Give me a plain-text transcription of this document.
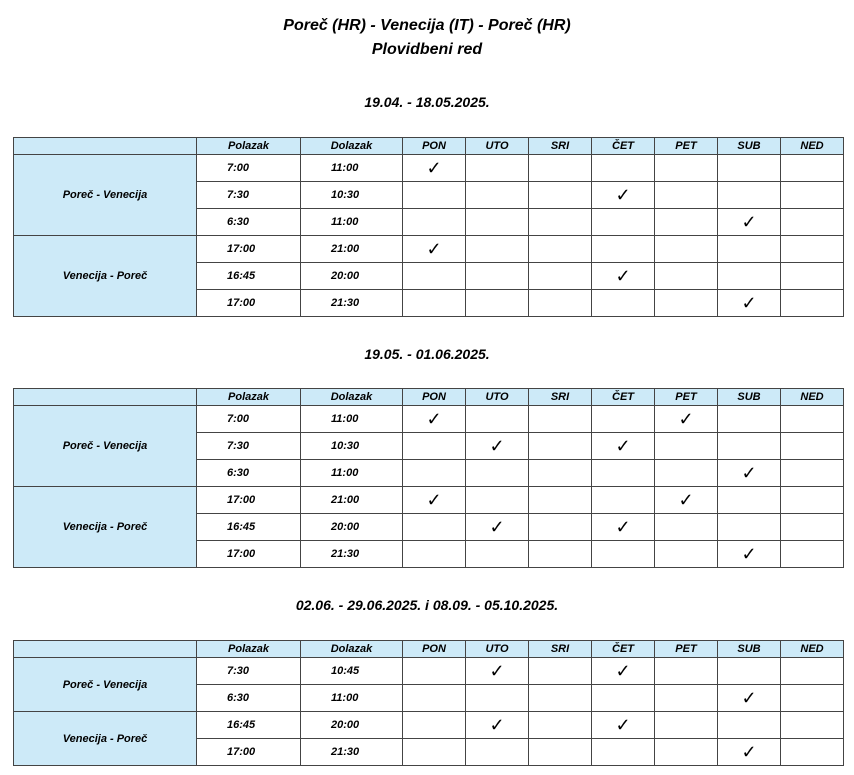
Poreč (HR) - Venecija (IT) - Poreč (HR)
Plovidbeni red
19.04. - 18.05.2025.
	Polazak	Dolazak	PON	UTO	SRI	ČET	PET	SUB	NED
Poreč - Venecija	7:00	11:00	✓						
	7:30	10:30				✓			
	6:30	11:00						✓	
Venecija - Poreč	17:00	21:00	✓						
	16:45	20:00				✓			
	17:00	21:30						✓	
19.05. - 01.06.2025.
	Polazak	Dolazak	PON	UTO	SRI	ČET	PET	SUB	NED
Poreč - Venecija	7:00	11:00	✓				✓		
	7:30	10:30		✓		✓			
	6:30	11:00						✓	
Venecija - Poreč	17:00	21:00	✓				✓		
	16:45	20:00		✓		✓			
	17:00	21:30						✓	
02.06. - 29.06.2025. i 08.09. - 05.10.2025.
	Polazak	Dolazak	PON	UTO	SRI	ČET	PET	SUB	NED
Poreč - Venecija	7:30	10:45		✓		✓			
	6:30	11:00						✓	
Venecija - Poreč	16:45	20:00		✓		✓			
	17:00	21:30						✓	
